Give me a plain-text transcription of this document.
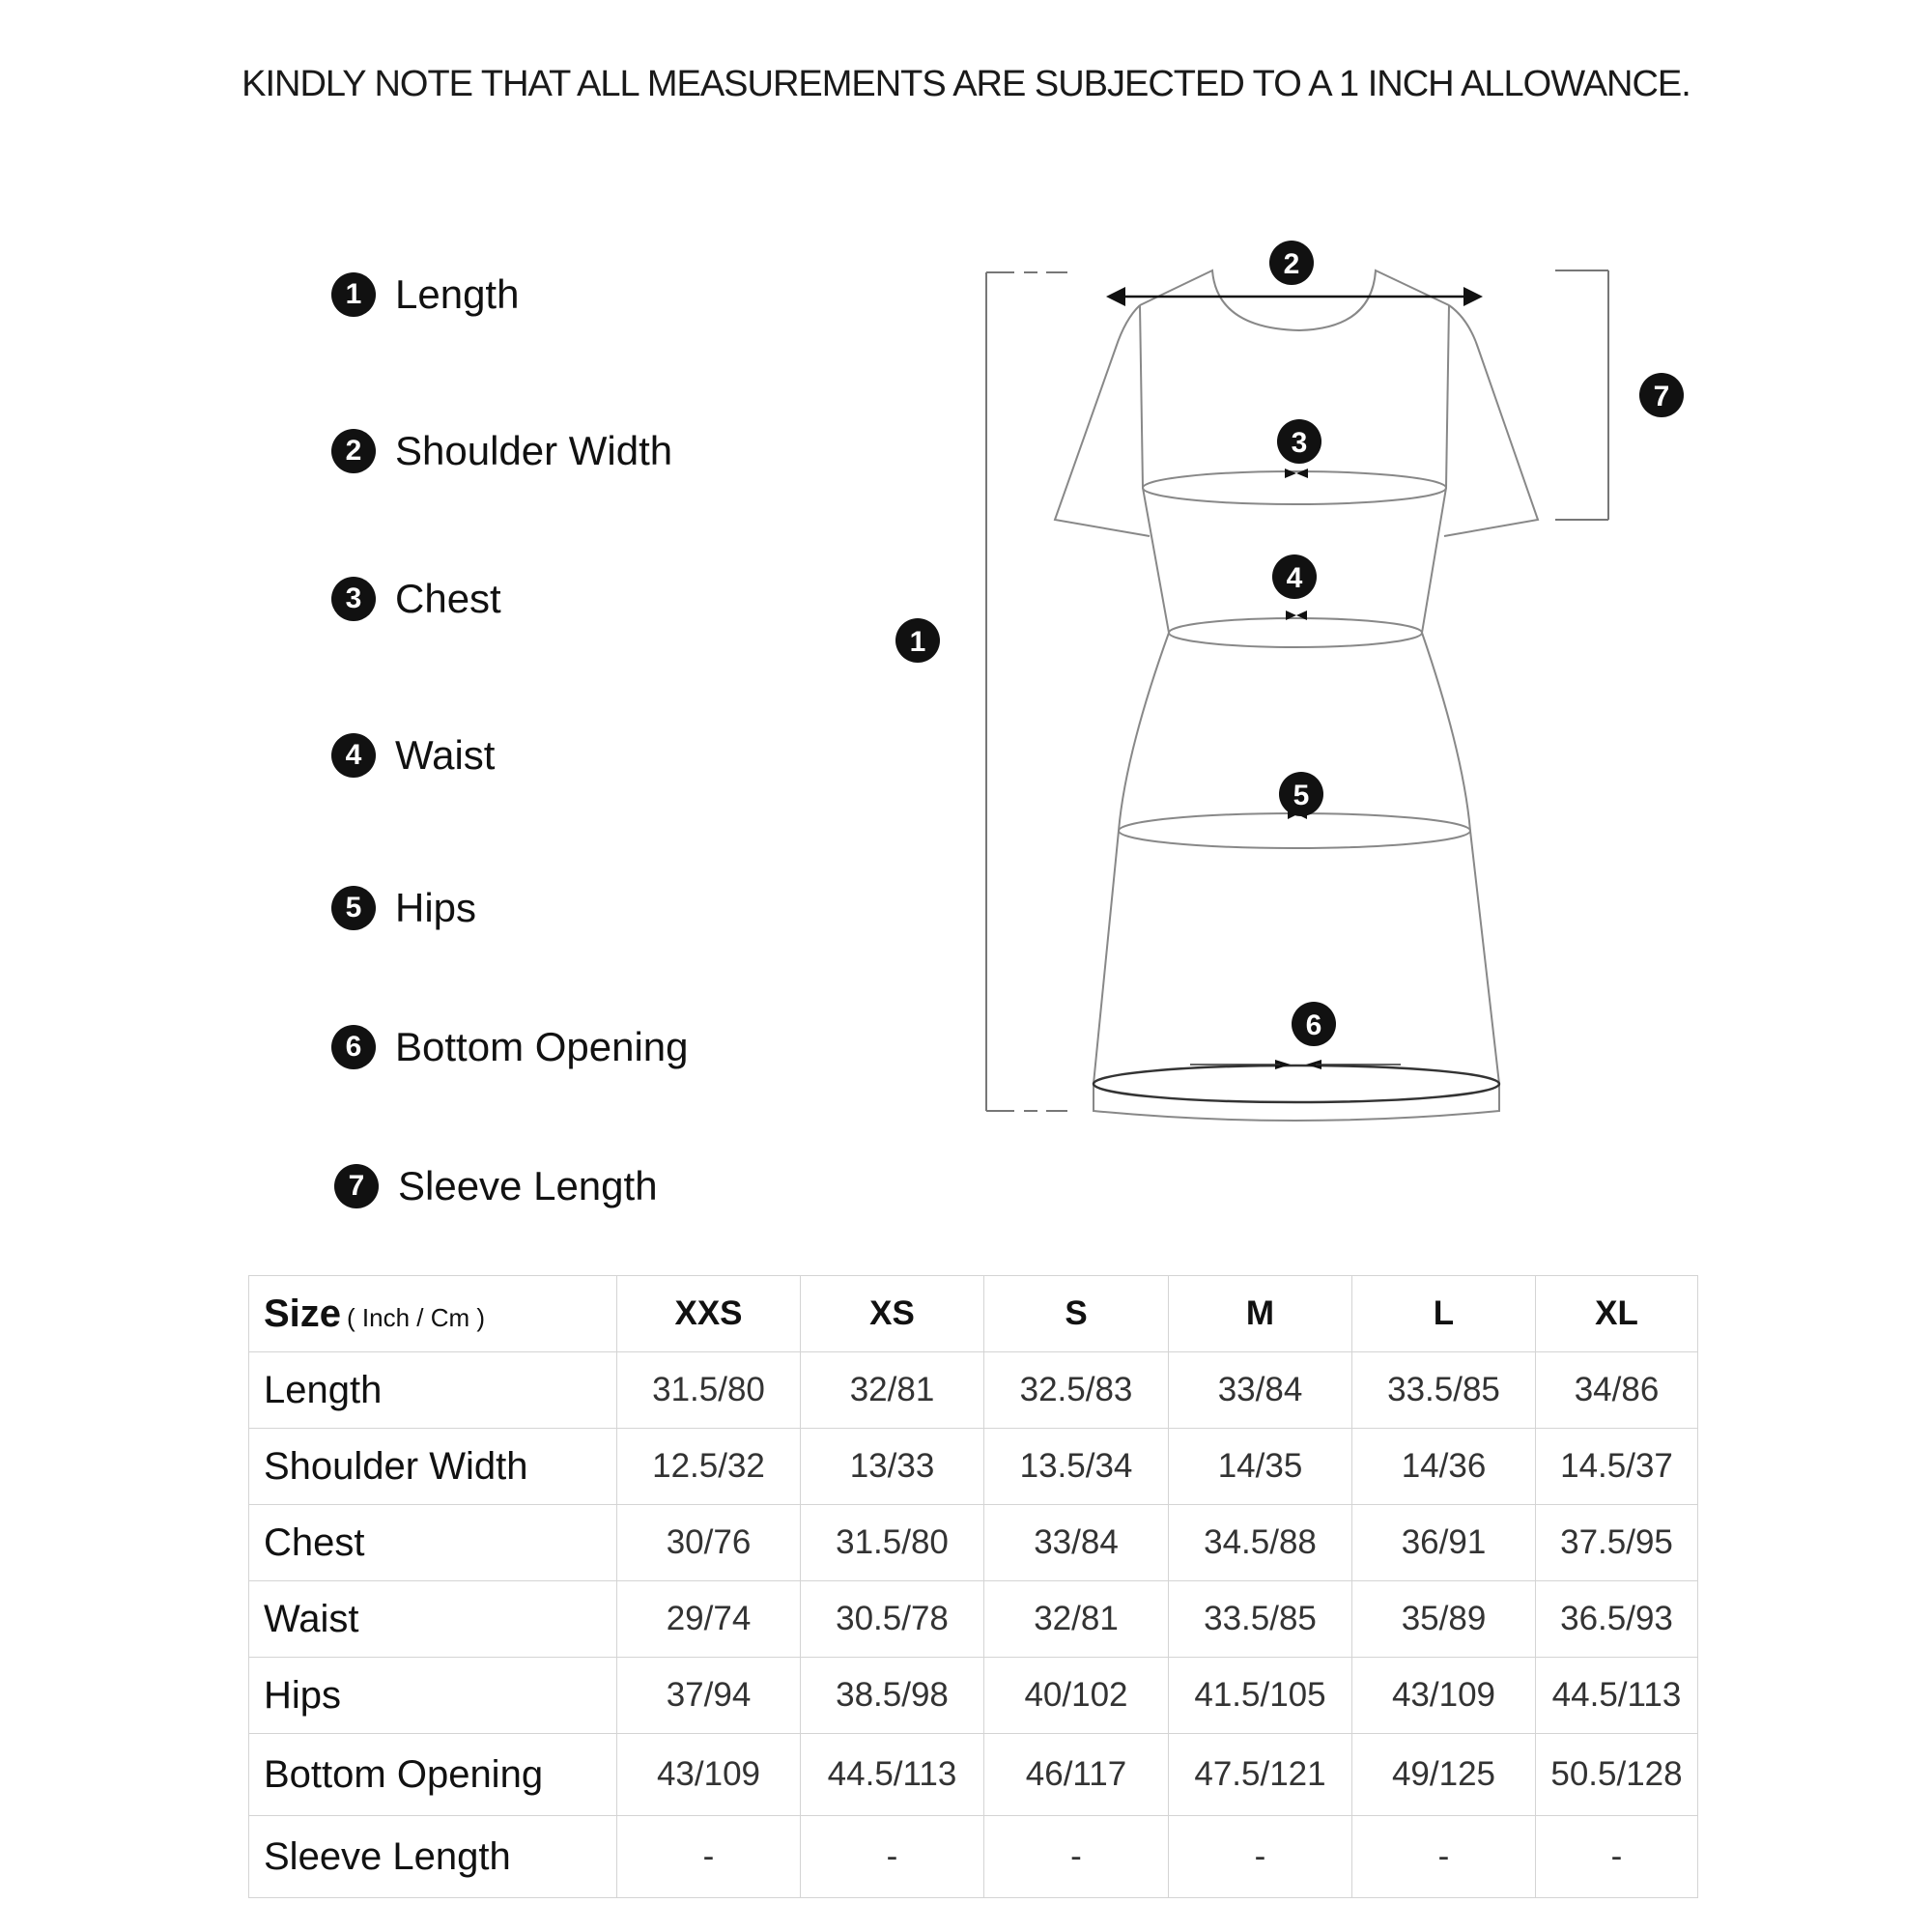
KINDLY NOTE THAT ALL MEASUREMENTS ARE SUBJECTED TO A 1 INCH ALLOWANCE.
1 Length
2 Shoulder Width
3 Chest
4 Waist
5 Hips
6 Bottom Opening
7 Sleeve Length
1
2
3
4
5
6
7
Size ( Inch / Cm )	XXS	XS	S	M	L	XL
Length	31.5/80	32/81	32.5/83	33/84	33.5/85	34/86
Shoulder Width	12.5/32	13/33	13.5/34	14/35	14/36	14.5/37
Chest	30/76	31.5/80	33/84	34.5/88	36/91	37.5/95
Waist	29/74	30.5/78	32/81	33.5/85	35/89	36.5/93
Hips	37/94	38.5/98	40/102	41.5/105	43/109	44.5/113
Bottom Opening	43/109	44.5/113	46/117	47.5/121	49/125	50.5/128
Sleeve Length	-	-	-	-	-	-
